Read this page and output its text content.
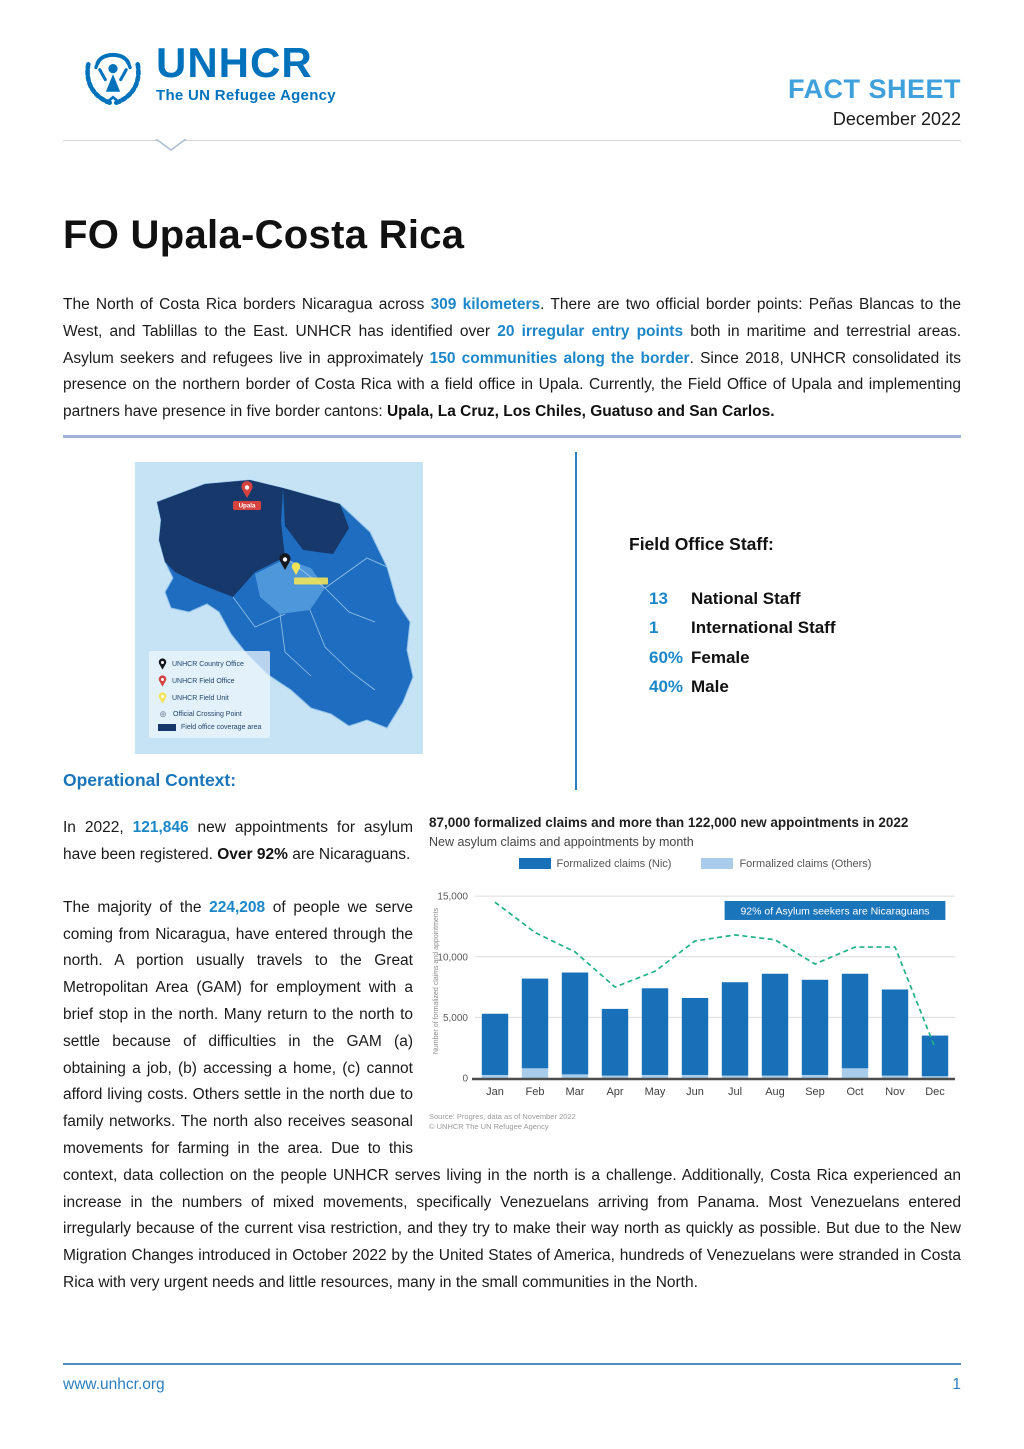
UNHCR
The UN Refugee Agency	FACT SHEET
December 2022
FO Upala-Costa Rica

The North of Costa Rica borders Nicaragua across 309 kilometers. There are two official border points: Peñas Blancas to the West, and Tablillas to the East. UNHCR has identified over 20 irregular entry points both in maritime and terrestrial areas. Asylum seekers and refugees live in approximately 150 communities along the border. Since 2018, UNHCR consolidated its presence on the northern border of Costa Rica with a field office in Upala. Currently, the Field Office of Upala and implementing partners have presence in five border cantons: Upala, La Cruz, Los Chiles, Guatuso and San Carlos.

Upala
UNHCR Country Office
UNHCR Field Office
UNHCR Field Unit
⊕ Official Crossing Point
Field office coverage area
Field Office Staff:
13 National Staff
1 International Staff
60% Female
40% Male
Operational Context:
87,000 formalized claims and more than 122,000 new appointments in 2022
New asylum claims and appointments by month
Formalized claims (Nic)	Formalized claims (Others)
0
5,000
10,000
15,000
Jan Feb Mar Apr May Jun Jul Aug Sep Oct Nov Dec
92% of Asylum seekers are Nicaraguans
Number of formalized claims and appointments
Source: Progres, data as of November 2022
© UNHCR The UN Refugee Agency

In 2022, 121,846 new appointments for asylum have been registered. Over 92% are Nicaraguans.

The majority of the 224,208 of people we serve coming from Nicaragua, have entered through the north. A portion usually travels to the Great Metropolitan Area (GAM) for employment with a brief stop in the north. Many return to the north to settle because of difficulties in the GAM (a) obtaining a job, (b) accessing a home, (c) cannot afford living costs. Others settle in the north due to family networks. The north also receives seasonal movements for farming in the area. Due to this context, data collection on the people UNHCR serves living in the north is a challenge. Additionally, Costa Rica experienced an increase in the numbers of mixed movements, specifically Venezuelans arriving from Panama. Most Venezuelans entered irregularly because of the current visa restriction, and they try to make their way north as quickly as possible. But due to the New Migration Changes introduced in October 2022 by the United States of America, hundreds of Venezuelans were stranded in Costa Rica with very urgent needs and little resources, many in the small communities in the North.

www.unhcr.org	1
